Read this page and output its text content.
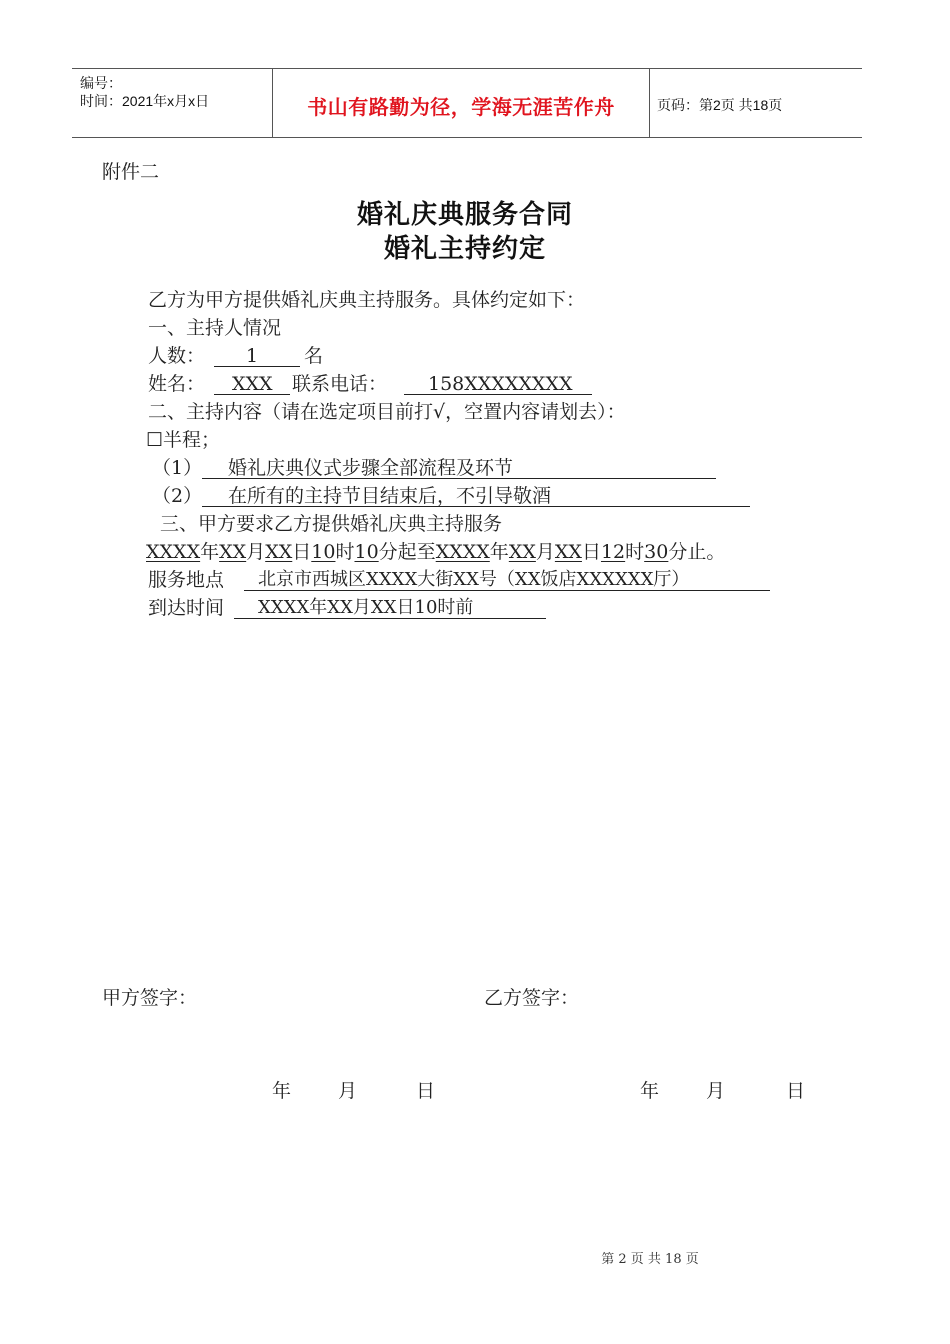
编号：
时间：2021年x月x日	书山有路勤为径，学海无涯苦作舟	页码：第2页 共18页
附件二
婚礼庆典服务合同
婚礼主持约定
乙方为甲方提供婚礼庆典主持服务。具体约定如下：
一、主持人情况
人数： 1 名
姓名： XXX 联系电话： 158XXXXXXXX
二、主持内容（请在选定项目前打√，空置内容请划去）：
☐半程；
（1） 婚礼庆典仪式步骤全部流程及环节
（2） 在所有的主持节目结束后，不引导敬酒
三、甲方要求乙方提供婚礼庆典主持服务
XXXX年XX月XX日10时10分起至XXXX年XX月XX日12时30分止。
服务地点 北京市西城区XXXX大街XX号（XX饭店XXXXXX厅）
到达时间 XXXX年XX月XX日10时前
甲方签字：	乙方签字：
年 月	日	年 月	日
第 2 页 共 18 页
